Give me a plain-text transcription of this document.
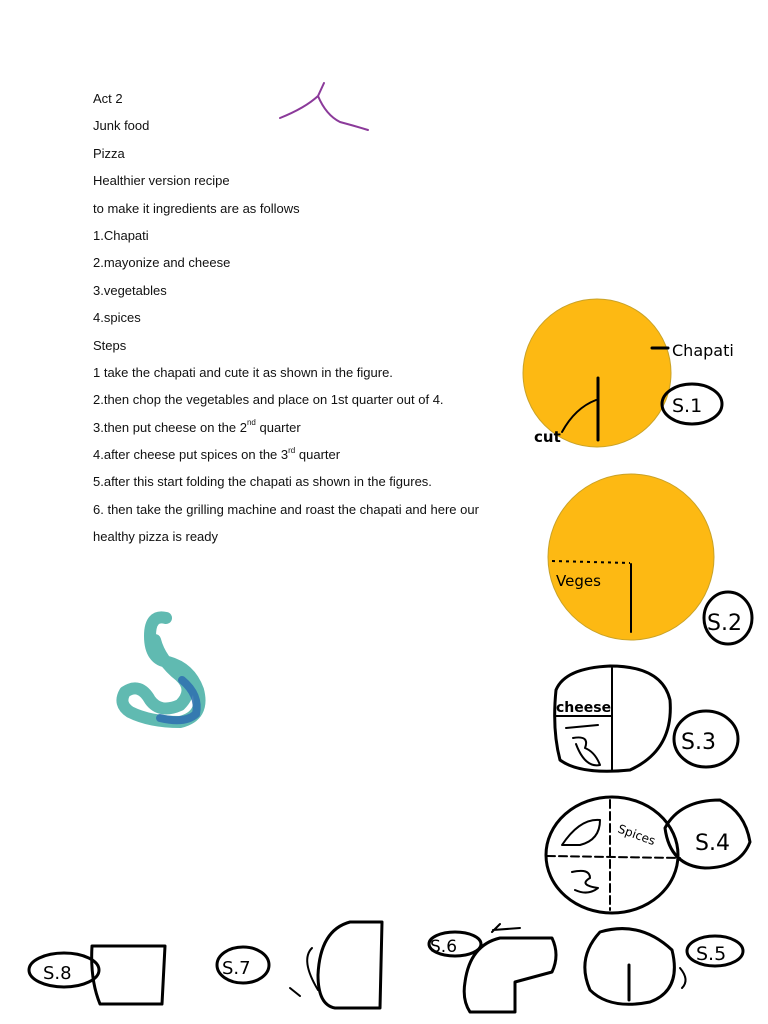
Act 2
Junk food
Pizza
Healthier version recipe
to make it ingredients are as follows
1.Chapati
2.mayonize and cheese
3.vegetables
4.spices
Steps
1 take the chapati and cute it as shown in the figure.
2.then chop the vegetables and place on 1st quarter out of 4.
3.then put cheese on the 2nd quarter
4.after cheese put spices on the 3rd quarter
5.after this start folding the chapati as shown in the figures.
6. then take the grilling machine and roast the chapati and here our
healthy pizza is ready
cut
Chapati
S.1
Veges
S.2
cheese
S.3
Spices S.4
S.5
S.6
S.7
S.8
